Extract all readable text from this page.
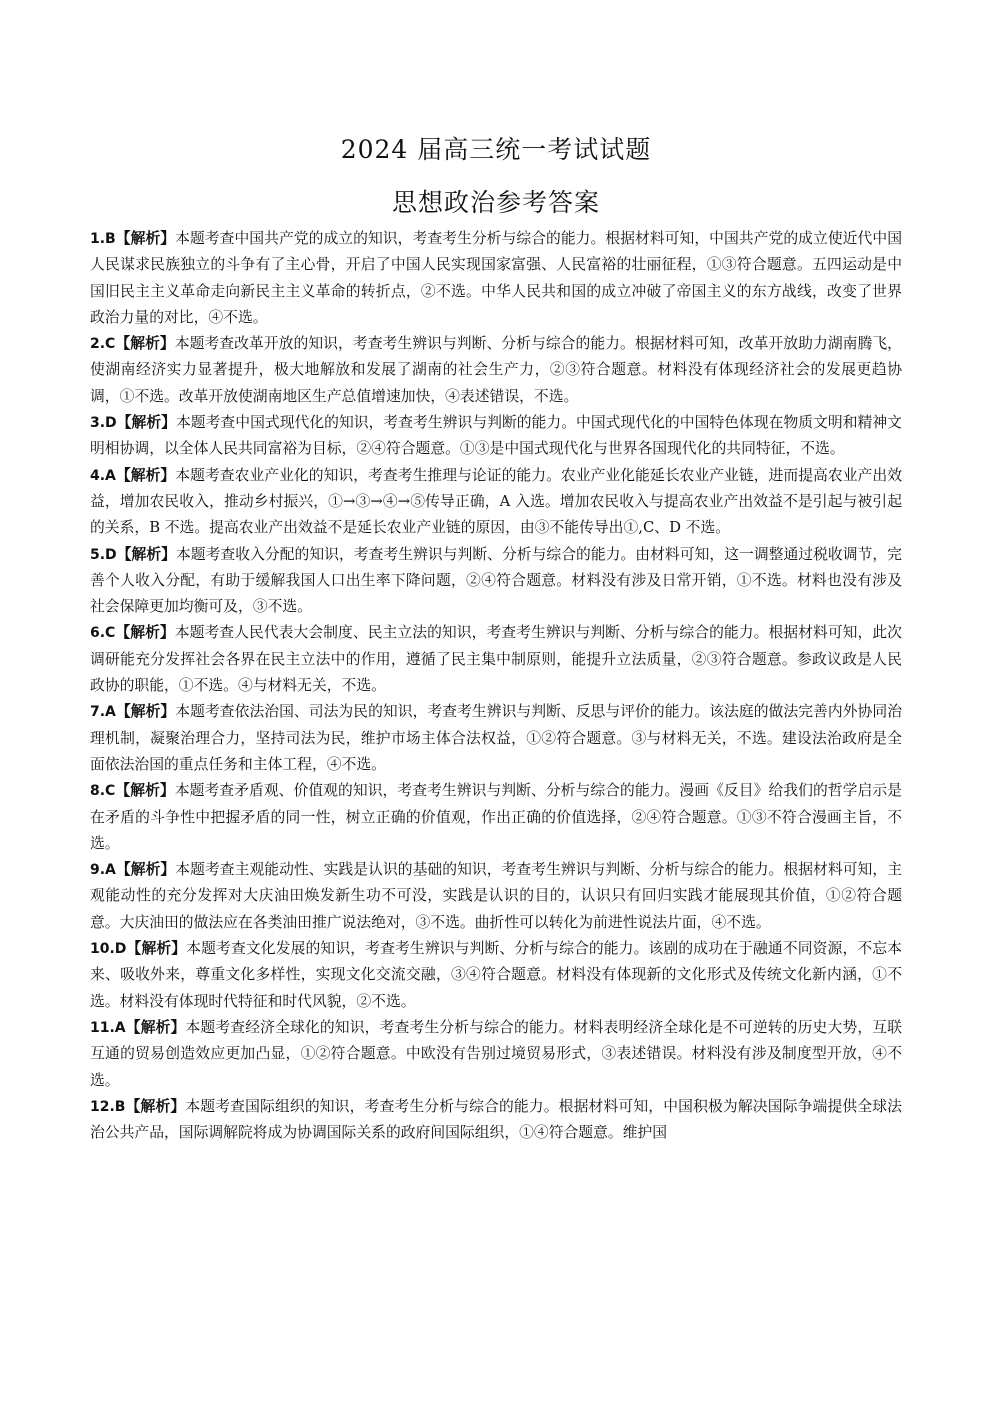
2024 届高三统一考试试题
思想政治参考答案

1.B【解析】本题考查中国共产党的成立的知识，考查考生分析与综合的能力。根据材料可知，中国共产党的成立使近代中国人民谋求民族独立的斗争有了主心骨，开启了中国人民实现国家富强、人民富裕的壮丽征程，①③符合题意。五四运动是中国旧民主主义革命走向新民主主义革命的转折点，②不选。中华人民共和国的成立冲破了帝国主义的东方战线，改变了世界政治力量的对比，④不选。

2.C【解析】本题考查改革开放的知识，考查考生辨识与判断、分析与综合的能力。根据材料可知，改革开放助力湖南腾飞，使湖南经济实力显著提升，极大地解放和发展了湖南的社会生产力，②③符合题意。材料没有体现经济社会的发展更趋协调，①不选。改革开放使湖南地区生产总值增速加快，④表述错误，不选。

3.D【解析】本题考查中国式现代化的知识，考查考生辨识与判断的能力。中国式现代化的中国特色体现在物质文明和精神文明相协调，以全体人民共同富裕为目标，②④符合题意。①③是中国式现代化与世界各国现代化的共同特征，不选。

4.A【解析】本题考查农业产业化的知识，考查考生推理与论证的能力。农业产业化能延长农业产业链，进而提高农业产出效益，增加农民收入，推动乡村振兴，①→③→④→⑤传导正确，A 入选。增加农民收入与提高农业产出效益不是引起与被引起的关系，B 不选。提高农业产出效益不是延长农业产业链的原因，由③不能传导出①,C、D 不选。

5.D【解析】本题考查收入分配的知识，考查考生辨识与判断、分析与综合的能力。由材料可知，这一调整通过税收调节，完善个人收入分配，有助于缓解我国人口出生率下降问题，②④符合题意。材料没有涉及日常开销，①不选。材料也没有涉及社会保障更加均衡可及，③不选。

6.C【解析】本题考查人民代表大会制度、民主立法的知识，考查考生辨识与判断、分析与综合的能力。根据材料可知，此次调研能充分发挥社会各界在民主立法中的作用，遵循了民主集中制原则，能提升立法质量，②③符合题意。参政议政是人民政协的职能，①不选。④与材料无关，不选。

7.A【解析】本题考查依法治国、司法为民的知识，考查考生辨识与判断、反思与评价的能力。该法庭的做法完善内外协同治理机制，凝聚治理合力，坚持司法为民，维护市场主体合法权益，①②符合题意。③与材料无关，不选。建设法治政府是全面依法治国的重点任务和主体工程，④不选。

8.C【解析】本题考查矛盾观、价值观的知识，考查考生辨识与判断、分析与综合的能力。漫画《反目》给我们的哲学启示是在矛盾的斗争性中把握矛盾的同一性，树立正确的价值观，作出正确的价值选择，②④符合题意。①③不符合漫画主旨，不选。

9.A【解析】本题考查主观能动性、实践是认识的基础的知识，考查考生辨识与判断、分析与综合的能力。根据材料可知，主观能动性的充分发挥对大庆油田焕发新生功不可没，实践是认识的目的，认识只有回归实践才能展现其价值，①②符合题意。大庆油田的做法应在各类油田推广说法绝对，③不选。曲折性可以转化为前进性说法片面，④不选。

10.D【解析】本题考查文化发展的知识，考查考生辨识与判断、分析与综合的能力。该剧的成功在于融通不同资源，不忘本来、吸收外来，尊重文化多样性，实现文化交流交融，③④符合题意。材料没有体现新的文化形式及传统文化新内涵，①不选。材料没有体现时代特征和时代风貌，②不选。

11.A【解析】本题考查经济全球化的知识，考查考生分析与综合的能力。材料表明经济全球化是不可逆转的历史大势，互联互通的贸易创造效应更加凸显，①②符合题意。中欧没有告别过境贸易形式，③表述错误。材料没有涉及制度型开放，④不选。

12.B【解析】本题考查国际组织的知识，考查考生分析与综合的能力。根据材料可知，中国积极为解决国际争端提供全球法治公共产品，国际调解院将成为协调国际关系的政府间国际组织，①④符合题意。维护国
